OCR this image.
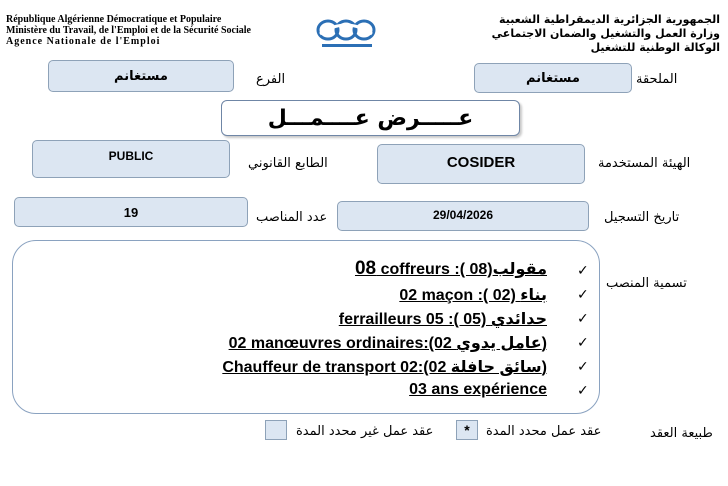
République Algérienne Démocratique et Populaire
Ministère du Travail, de l'Emploi et de la Sécurité Sociale
Agence Nationale de l'Emploi
الجمهورية الجزائرية الديمقراطية الشعبية
وزارة العمل والتشغيل والضمان الاجتماعي
الوكالة الوطنية للتشغيل
مستغانم	الملحقة
مستغانم	الفرع
عـــــرض عــــمـــل
COSIDER	الهيئة المستخدمة
PUBLIC	الطابع القانوني
29/04/2026	تاريخ التسجيل
19	عدد المناصب
تسمية المنصب
✓
08 coffreurs :( 08)مقولب
✓
02 maçon :( 02) بناء
✓
ferrailleurs 05 :( 05) حدائدي
✓
02 manœuvres ordinaires:(02 عامل يدوي)
✓
Chauffeur de transport 02:(02 سائق حافلة)
✓
03 ans expérience
طبيعة العقد
عقد عمل محدد المدة
*
عقد عمل غير محدد المدة
